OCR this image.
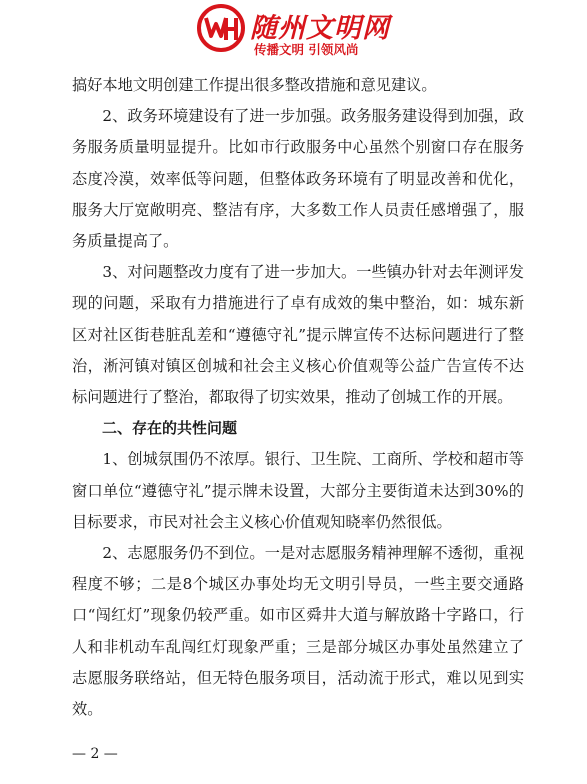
随州文明网
传播文明 引领风尚

搞好本地文明创建工作提出很多整改措施和意见建议。

2、政务环境建设有了进一步加强。政务服务建设得到加强，政务服务质量明显提升。比如市行政服务中心虽然个别窗口存在服务态度冷漠，效率低等问题，但整体政务环境有了明显改善和优化，服务大厅宽敞明亮、整洁有序，大多数工作人员责任感增强了，服务质量提高了。

3、对问题整改力度有了进一步加大。一些镇办针对去年测评发现的问题，采取有力措施进行了卓有成效的集中整治，如：城东新区对社区街巷脏乱差和“遵德守礼”提示牌宣传不达标问题进行了整治，淅河镇对镇区创城和社会主义核心价值观等公益广告宣传不达标问题进行了整治，都取得了切实效果，推动了创城工作的开展。

二、存在的共性问题

1、创城氛围仍不浓厚。银行、卫生院、工商所、学校和超市等窗口单位“遵德守礼”提示牌未设置，大部分主要街道未达到30%的目标要求，市民对社会主义核心价值观知晓率仍然很低。

2、志愿服务仍不到位。一是对志愿服务精神理解不透彻，重视程度不够；二是8个城区办事处均无文明引导员，一些主要交通路口“闯红灯”现象仍较严重。如市区舜井大道与解放路十字路口，行人和非机动车乱闯红灯现象严重；三是部分城区办事处虽然建立了志愿服务联络站，但无特色服务项目，活动流于形式，难以见到实效。

— 2 —
